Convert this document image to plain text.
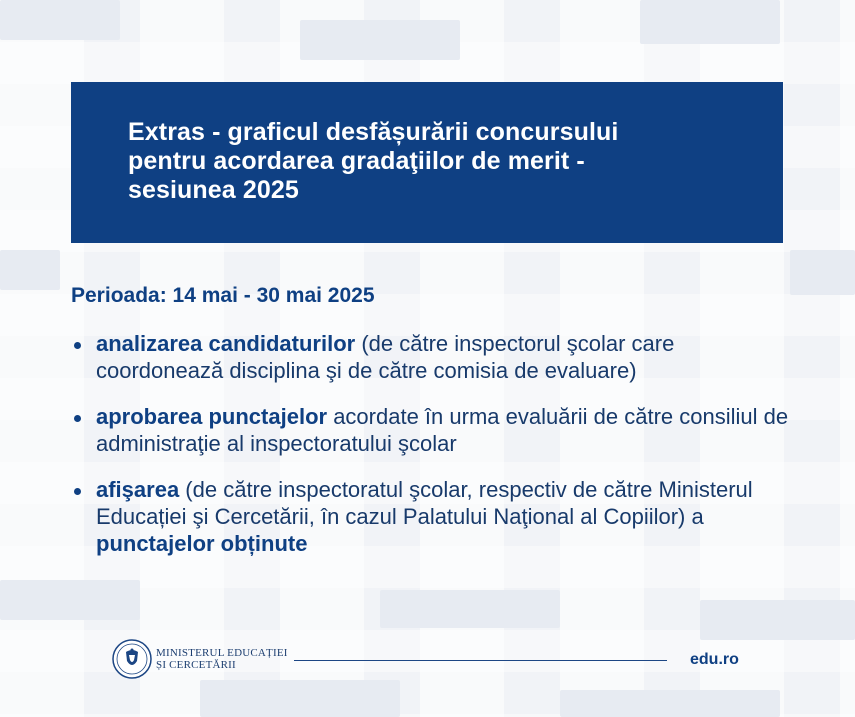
Extras - graficul desfășurării concursului
pentru acordarea gradaţiilor de merit -
sesiunea 2025
Perioada: 14 mai - 30 mai 2025
analizarea candidaturilor (de către inspectorul şcolar care coordonează disciplina şi de către comisia de evaluare)
aprobarea punctajelor acordate în urma evaluării de către consiliul de administraţie al inspectoratului şcolar
afişarea (de către inspectoratul şcolar, respectiv de către Ministerul Educației şi Cercetării, în cazul Palatului Naţional al Copiilor) a punctajelor obținute
MINISTERUL EDUCAȚIEI
ȘI CERCETĂRII	edu.ro
